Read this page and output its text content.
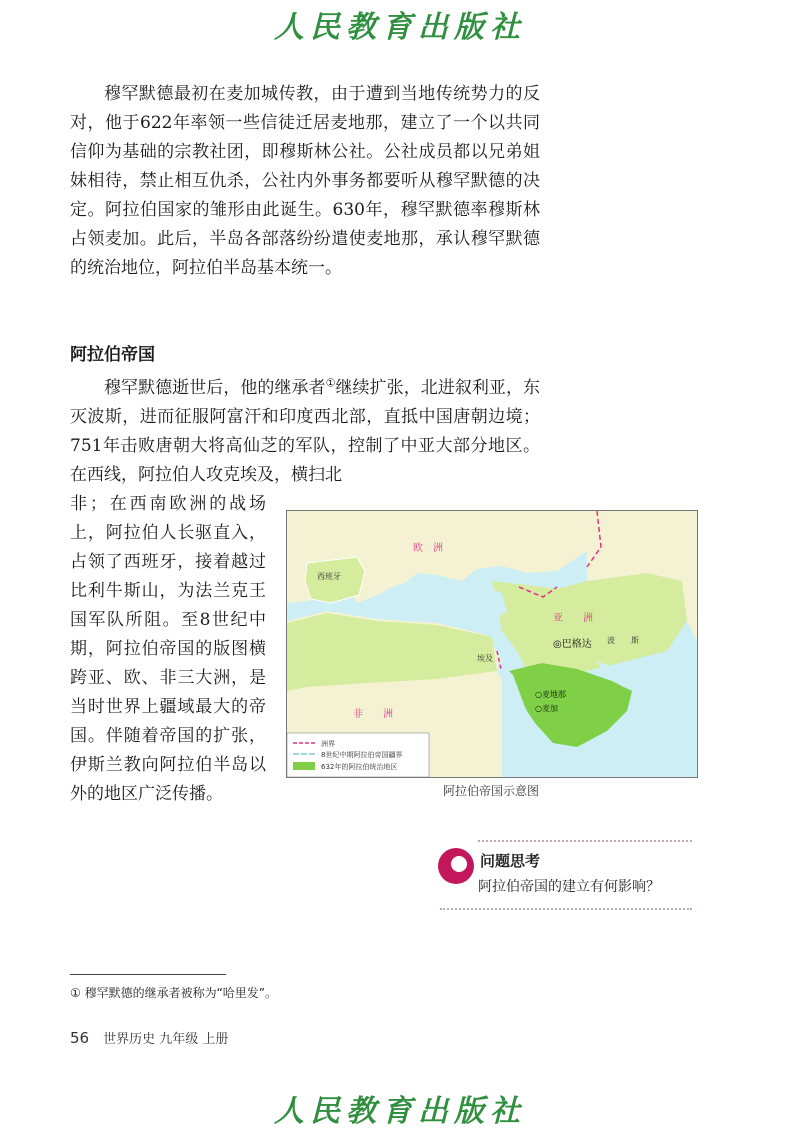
人民教育出版社

穆罕默德最初在麦加城传教，由于遭到当地传统势力的反对，他于622年率领一些信徒迁居麦地那，建立了一个以共同信仰为基础的宗教社团，即穆斯林公社。公社成员都以兄弟姐妹相待，禁止相互仇杀，公社内外事务都要听从穆罕默德的决定。阿拉伯国家的雏形由此诞生。630年，穆罕默德率穆斯林占领麦加。此后，半岛各部落纷纷遣使麦地那，承认穆罕默德的统治地位，阿拉伯半岛基本统一。

阿拉伯帝国

穆罕默德逝世后，他的继承者①继续扩张，北进叙利亚，东灭波斯，进而征服阿富汗和印度西北部，直抵中国唐朝边境；751年击败唐朝大将高仙芝的军队，控制了中亚大部分地区。在西线，阿拉伯人攻克埃及，横扫北

非；在西南欧洲的战场上，阿拉伯人长驱直入，占领了西班牙，接着越过比利牛斯山，为法兰克王国军队所阻。至8世纪中期，阿拉伯帝国的版图横跨亚、欧、非三大洲，是当时世界上疆域最大的帝国。伴随着帝国的扩张，伊斯兰教向阿拉伯半岛以外的地区广泛传播。

洲界
8世纪中期阿拉伯帝国疆界
632年的阿拉伯统治地区
欧　洲
亚　　洲
非　　洲
西班牙
波　　斯
埃及
◎巴格达
○麦地那
○麦加
阿拉伯帝国示意图

问题思考

阿拉伯帝国的建立有何影响？

① 穆罕默德的继承者被称为“哈里发”。

56 世界历史 九年级 上册

人民教育出版社
